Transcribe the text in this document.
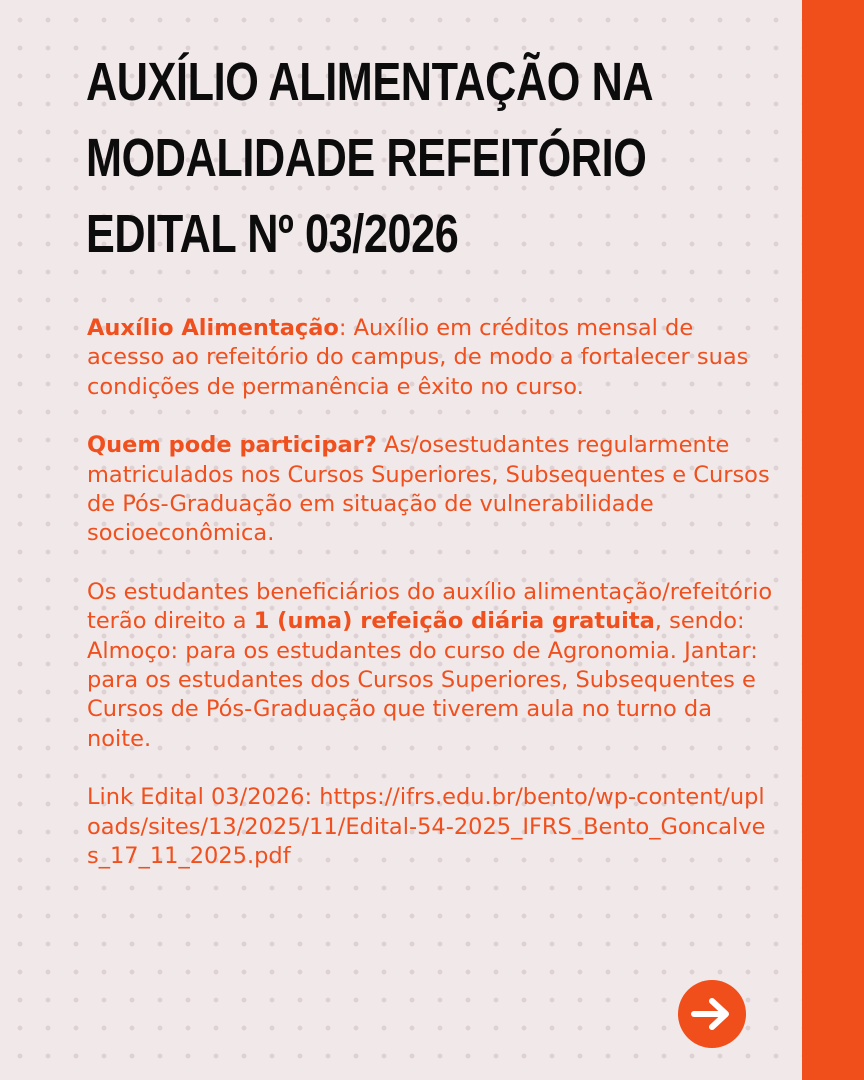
AUXÍLIO ALIMENTAÇÃO NA
MODALIDADE REFEITÓRIO
EDITAL Nº 03/2026

Auxílio Alimentação: Auxílio em créditos mensal de acesso ao refeitório do campus, de modo a fortalecer suas condições de permanência e êxito no curso.

Quem pode participar? As/osestudantes regularmente matriculados nos Cursos Superiores, Subsequentes e Cursos de Pós-Graduação em situação de vulnerabilidade socioeconômica.

Os estudantes beneficiários do auxílio alimentação/refeitório terão direito a 1 (uma) refeição diária gratuita, sendo: Almoço: para os estudantes do curso de Agronomia. Jantar: para os estudantes dos Cursos Superiores, Subsequentes e Cursos de Pós-Graduação que tiverem aula no turno da noite.

Link Edital 03/2026: https://ifrs.edu.br/bento/wp-content/uploads/sites/13/2025/11/Edital-54-2025_IFRS_Bento_Goncalves_17_11_2025.pdf
